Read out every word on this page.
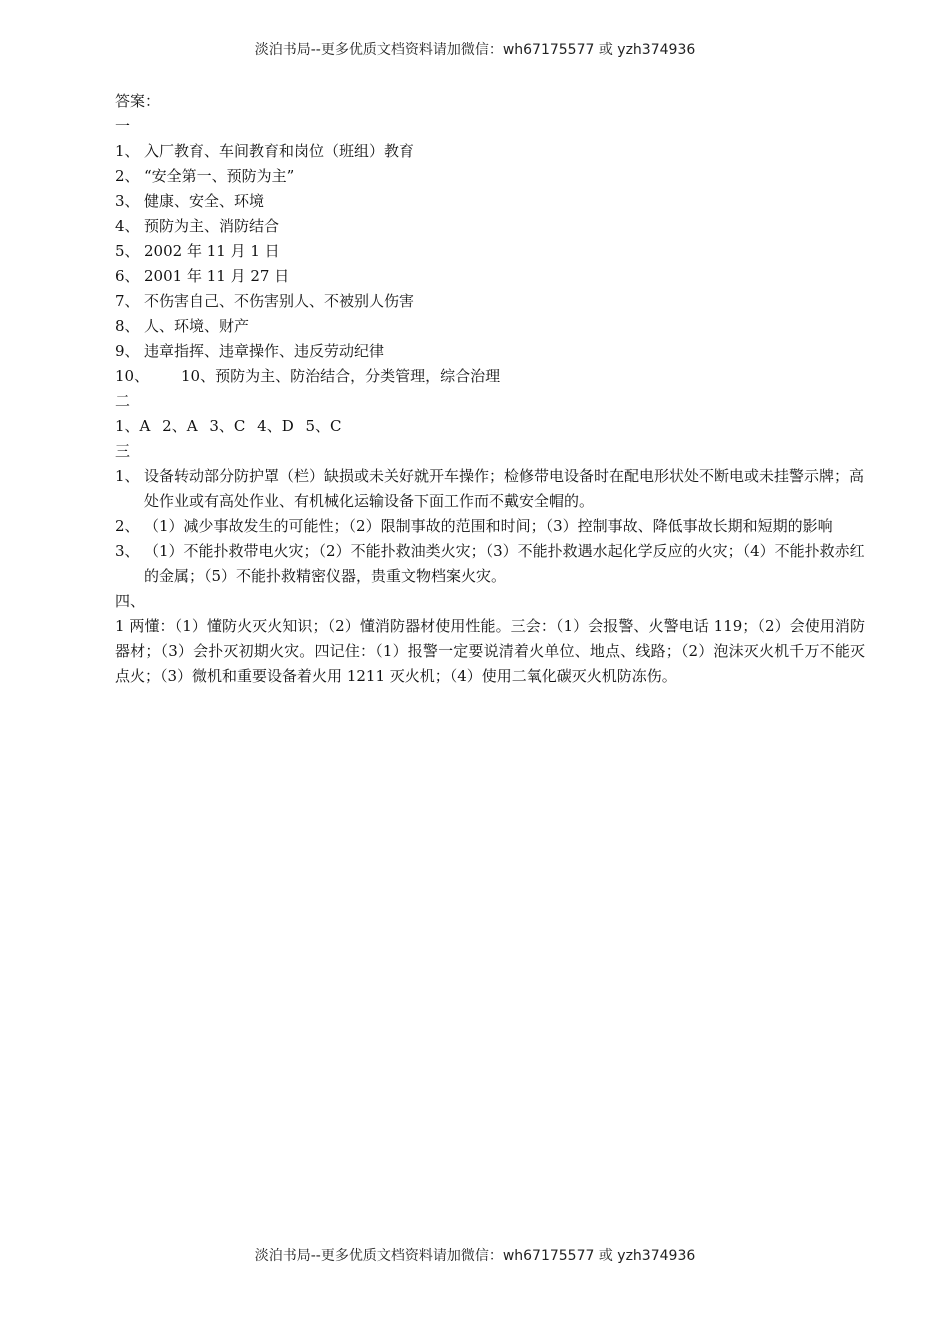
淡泊书局--更多优质文档资料请加微信：wh67175577 或 yzh374936
答案：
一
1、 入厂教育、车间教育和岗位（班组）教育
2、 “安全第一、预防为主”
3、 健康、安全、环境
4、 预防为主、消防结合
5、 2002 年 11 月 1 日
6、 2001 年 11 月 27 日
7、 不伤害自己、不伤害别人、不被别人伤害
8、 人、环境、财产
9、 违章指挥、违章操作、违反劳动纪律
10、	10、预防为主、防治结合，分类管理，综合治理
二
1、A 2、A 3、C 4、D 5、C
三
1、 设备转动部分防护罩（栏）缺损或未关好就开车操作；检修带电设备时在配电形状处不断电或未挂警示牌；高处作业或有高处作业、有机械化运输设备下面工作而不戴安全帽的。
2、 （1）减少事故发生的可能性；（2）限制事故的范围和时间；（3）控制事故、降低事故长期和短期的影响
3、 （1）不能扑救带电火灾；（2）不能扑救油类火灾；（3）不能扑救遇水起化学反应的火灾；（4）不能扑救赤红的金属；（5）不能扑救精密仪器，贵重文物档案火灾。
四、
1 两懂：（1）懂防火灭火知识；（2）懂消防器材使用性能。三会：（1）会报警、火警电话 119；（2）会使用消防器材；（3）会扑灭初期火灾。四记住：（1）报警一定要说清着火单位、地点、线路；（2）泡沫灭火机千万不能灭点火；（3）微机和重要设备着火用 1211 灭火机；（4）使用二氧化碳灭火机防冻伤。
淡泊书局--更多优质文档资料请加微信：wh67175577 或 yzh374936
